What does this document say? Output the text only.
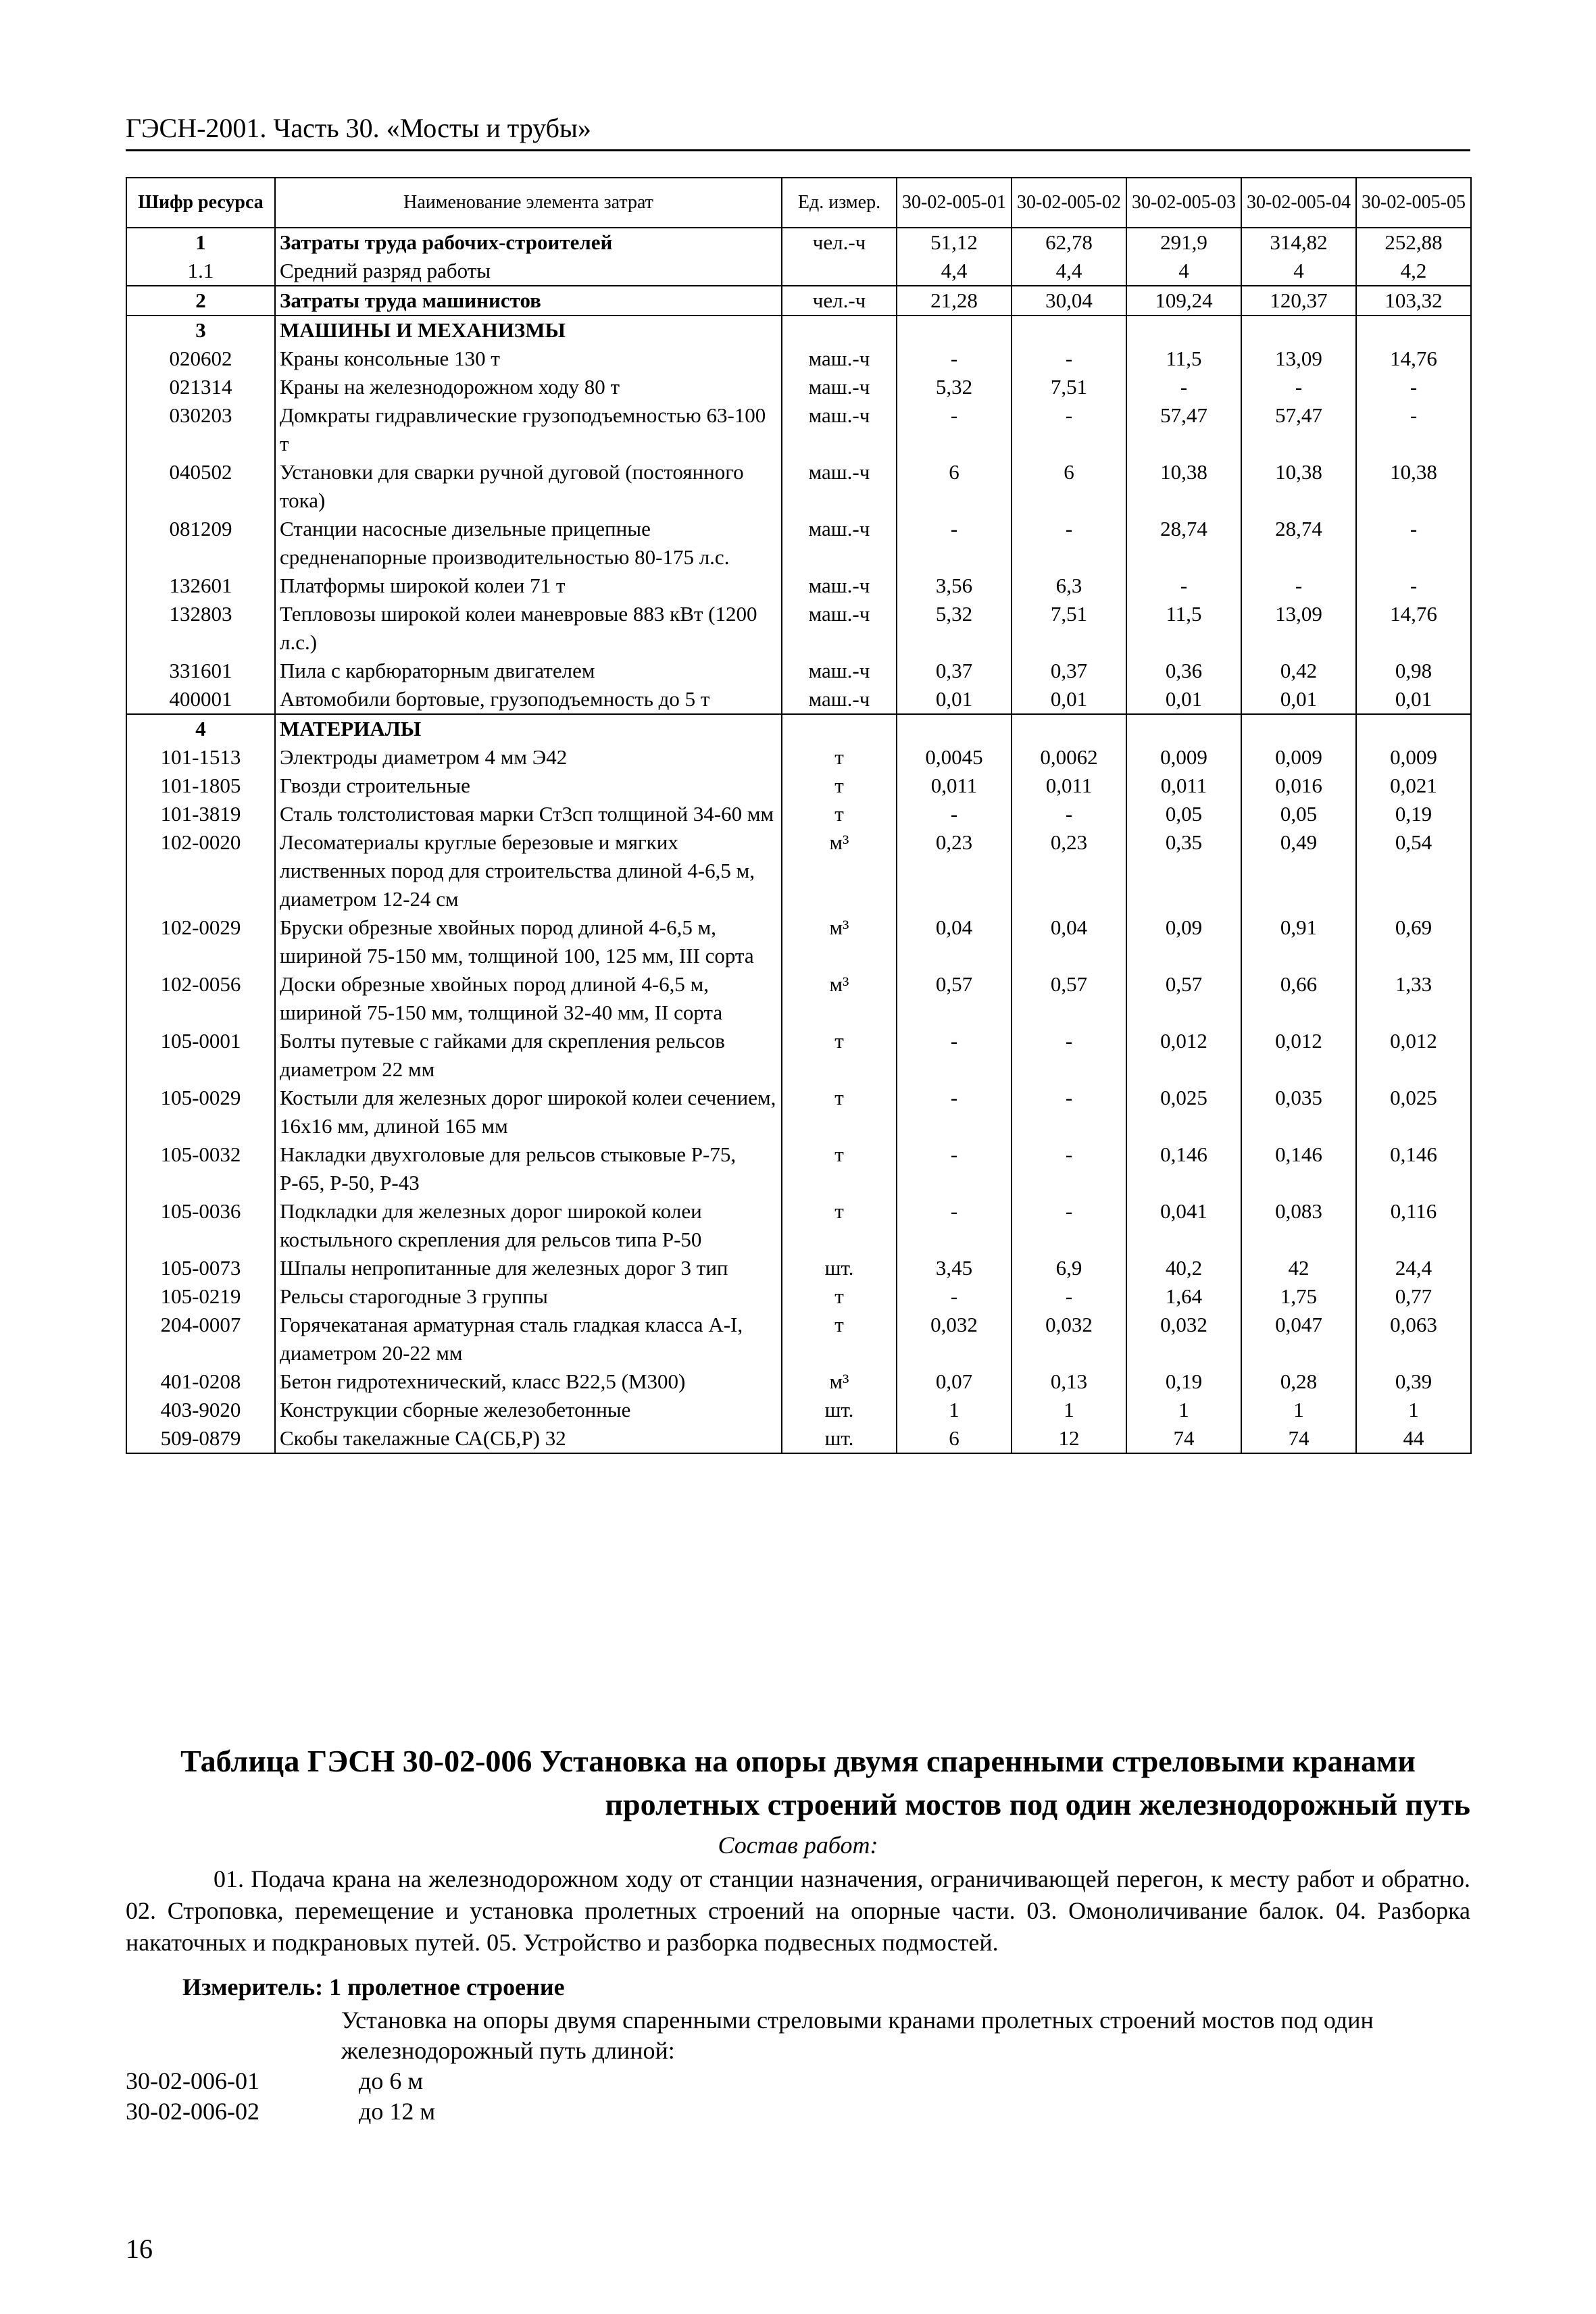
ГЭСН-2001. Часть 30. «Мосты и трубы»
Шифр ресурса	Наименование элемента затрат	Ед. измер.	30-02-005-01	30-02-005-02	30-02-005-03	30-02-005-04	30-02-005-05
1	Затраты труда рабочих-строителей	чел.-ч	51,12	62,78	291,9	314,82	252,88
1.1	Средний разряд работы		4,4	4,4	4	4	4,2
2	Затраты труда машинистов	чел.-ч	21,28	30,04	109,24	120,37	103,32
3	МАШИНЫ И МЕХАНИЗМЫ						
020602	Краны консольные 130 т	маш.-ч	-	-	11,5	13,09	14,76
021314	Краны на железнодорожном ходу 80 т	маш.-ч	5,32	7,51	-	-	-
030203	Домкраты гидравлические грузоподъемностью 63-100 т	маш.-ч	-	-	57,47	57,47	-
040502	Установки для сварки ручной дуговой (постоянного тока)	маш.-ч	6	6	10,38	10,38	10,38
081209	Станции насосные дизельные прицепные средненапорные производительностью 80-175 л.с.	маш.-ч	-	-	28,74	28,74	-
132601	Платформы широкой колеи 71 т	маш.-ч	3,56	6,3	-	-	-
132803	Тепловозы широкой колеи маневровые 883 кВт (1200 л.с.)	маш.-ч	5,32	7,51	11,5	13,09	14,76
331601	Пила с карбюраторным двигателем	маш.-ч	0,37	0,37	0,36	0,42	0,98
400001	Автомобили бортовые, грузоподъемность до 5 т	маш.-ч	0,01	0,01	0,01	0,01	0,01
4	МАТЕРИАЛЫ						
101-1513	Электроды диаметром 4 мм Э42	т	0,0045	0,0062	0,009	0,009	0,009
101-1805	Гвозди строительные	т	0,011	0,011	0,011	0,016	0,021
101-3819	Сталь толстолистовая марки Ст3сп толщиной 34-60 мм	т	-	-	0,05	0,05	0,19
102-0020	Лесоматериалы круглые березовые и мягких лиственных пород для строительства длиной 4-6,5 м, диаметром 12-24 см	м³	0,23	0,23	0,35	0,49	0,54
102-0029	Бруски обрезные хвойных пород длиной 4-6,5 м, шириной 75-150 мм, толщиной 100, 125 мм, III сорта	м³	0,04	0,04	0,09	0,91	0,69
102-0056	Доски обрезные хвойных пород длиной 4-6,5 м, шириной 75-150 мм, толщиной 32-40 мм, II сорта	м³	0,57	0,57	0,57	0,66	1,33
105-0001	Болты путевые с гайками для скрепления рельсов диаметром 22 мм	т	-	-	0,012	0,012	0,012
105-0029	Костыли для железных дорог широкой колеи сечением, 16х16 мм, длиной 165 мм	т	-	-	0,025	0,035	0,025
105-0032	Накладки двухголовые для рельсов стыковые Р-75, Р-65, Р-50, Р-43	т	-	-	0,146	0,146	0,146
105-0036	Подкладки для железных дорог широкой колеи костыльного скрепления для рельсов типа Р-50	т	-	-	0,041	0,083	0,116
105-0073	Шпалы непропитанные для железных дорог 3 тип	шт.	3,45	6,9	40,2	42	24,4
105-0219	Рельсы старогодные 3 группы	т	-	-	1,64	1,75	0,77
204-0007	Горячекатаная арматурная сталь гладкая класса А-I, диаметром 20-22 мм	т	0,032	0,032	0,032	0,047	0,063
401-0208	Бетон гидротехнический, класс В22,5 (М300)	м³	0,07	0,13	0,19	0,28	0,39
403-9020	Конструкции сборные железобетонные	шт.	1	1	1	1	1
509-0879	Скобы такелажные СА(СБ,Р) 32	шт.	6	12	74	74	44
Таблица ГЭСН 30-02-006 Установка на опоры двумя спаренными стреловыми кранами
пролетных строений мостов под один железнодорожный путь
Состав работ:
01. Подача крана на железнодорожном ходу от станции назначения, ограничивающей перегон, к месту работ и обратно. 02. Строповка, перемещение и установка пролетных строений на опорные части. 03. Омоноличивание балок. 04. Разборка накаточных и подкрановых путей. 05. Устройство и разборка подвесных подмостей.
Измеритель: 1 пролетное строение
Установка на опоры двумя спаренными стреловыми кранами пролетных строений мостов под один железнодорожный путь длиной:
30-02-006-01	до 6 м
30-02-006-02	до 12 м
16
